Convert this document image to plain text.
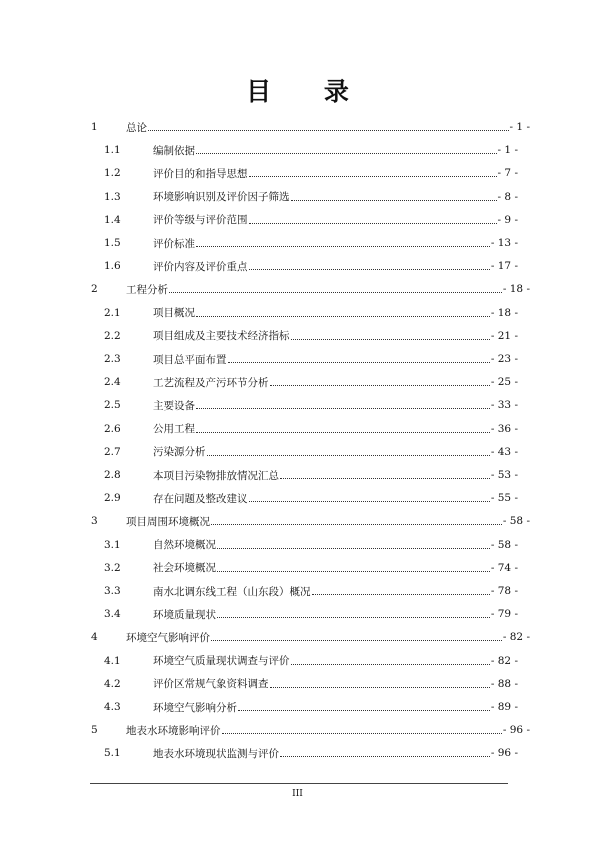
目 录
1	总论	- 1 -
1.1	编制依据	- 1 -
1.2	评价目的和指导思想	- 7 -
1.3	环境影响识别及评价因子筛选	- 8 -
1.4	评价等级与评价范围	- 9 -
1.5	评价标准	- 13 -
1.6	评价内容及评价重点	- 17 -
2	工程分析	- 18 -
2.1	项目概况	- 18 -
2.2	项目组成及主要技术经济指标	- 21 -
2.3	项目总平面布置	- 23 -
2.4	工艺流程及产污环节分析	- 25 -
2.5	主要设备	- 33 -
2.6	公用工程	- 36 -
2.7	污染源分析	- 43 -
2.8	本项目污染物排放情况汇总	- 53 -
2.9	存在问题及整改建议	- 55 -
3	项目周围环境概况	- 58 -
3.1	自然环境概况	- 58 -
3.2	社会环境概况	- 74 -
3.3	南水北调东线工程（山东段）概况	- 78 -
3.4	环境质量现状	- 79 -
4	环境空气影响评价	- 82 -
4.1	环境空气质量现状调查与评价	- 82 -
4.2	评价区常规气象资料调查	- 88 -
4.3	环境空气影响分析	- 89 -
5	地表水环境影响评价	- 96 -
5.1	地表水环境现状监测与评价	- 96 -
III
